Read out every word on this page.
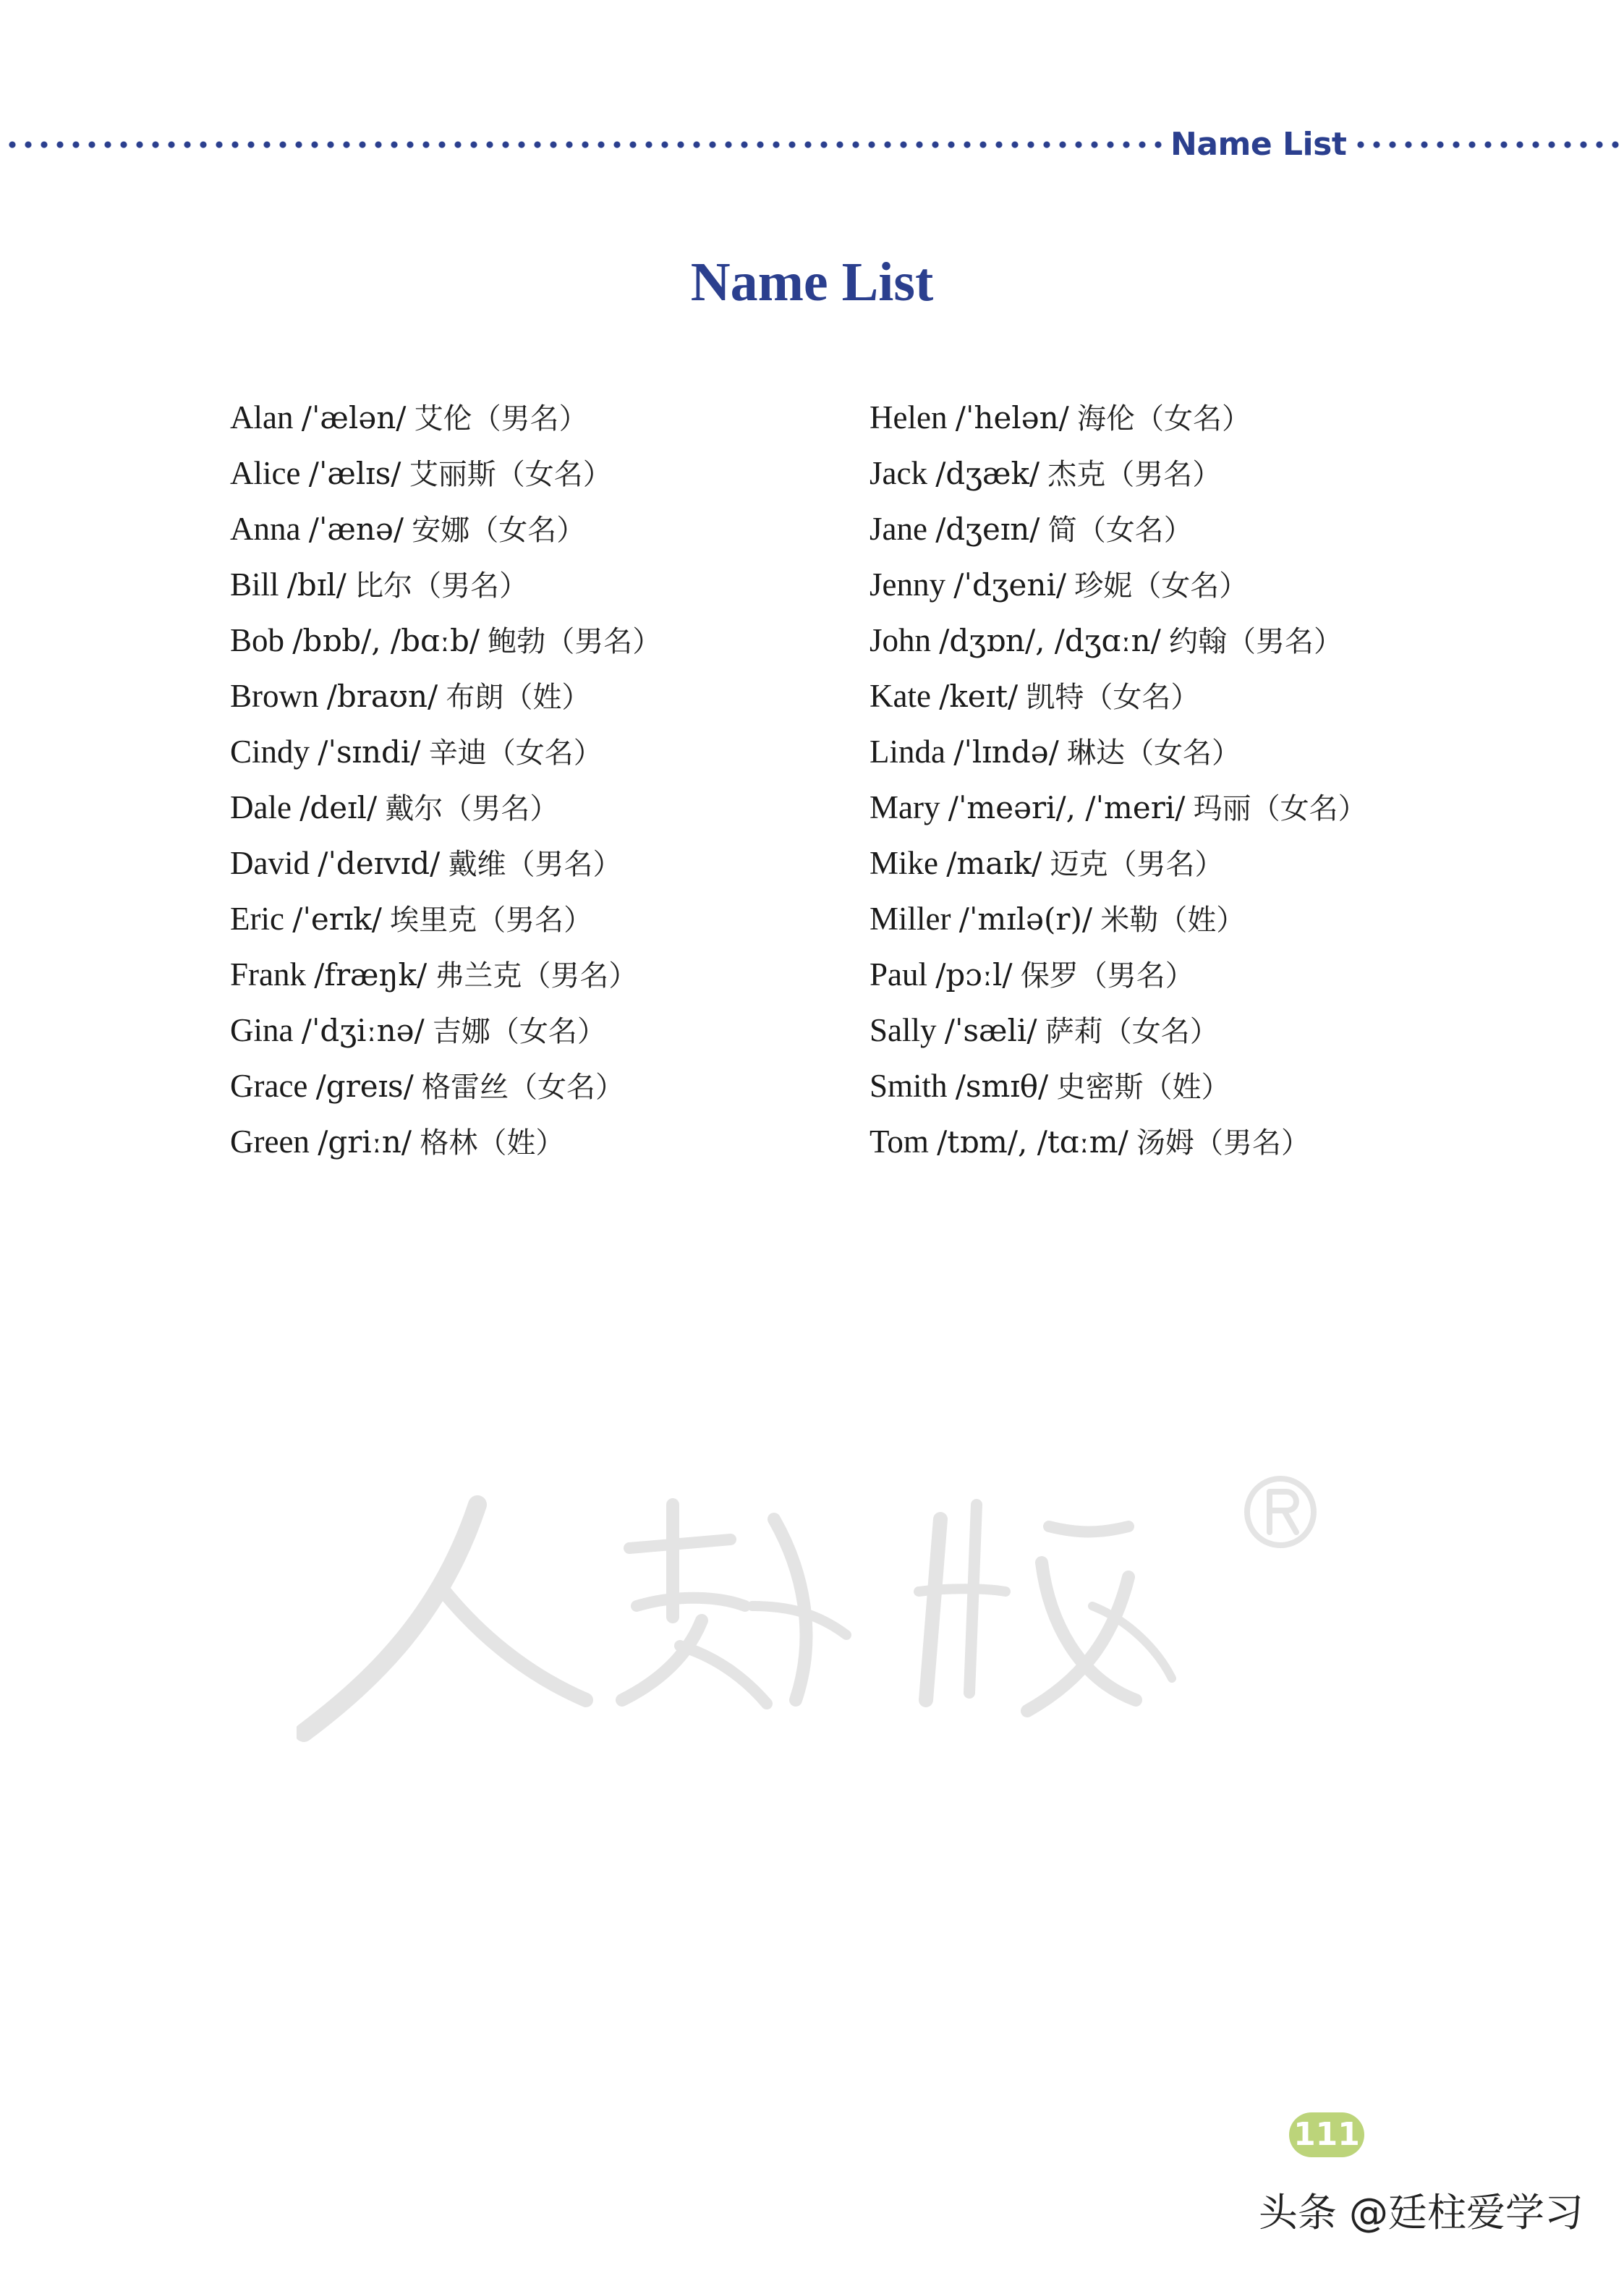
Name List
Name List
Alan /ˈælən/ 艾伦（男名）
Alice /ˈælɪs/ 艾丽斯（女名）
Anna /ˈænə/ 安娜（女名）
Bill /bɪl/ 比尔（男名）
Bob /bɒb/, /bɑːb/ 鲍勃（男名）
Brown /braʊn/ 布朗（姓）
Cindy /ˈsɪndi/ 辛迪（女名）
Dale /deɪl/ 戴尔（男名）
David /ˈdeɪvɪd/ 戴维（男名）
Eric /ˈerɪk/ 埃里克（男名）
Frank /fræŋk/ 弗兰克（男名）
Gina /ˈdʒiːnə/ 吉娜（女名）
Grace /greɪs/ 格雷丝（女名）
Green /griːn/ 格林（姓）
Helen /ˈhelən/ 海伦（女名）
Jack /dʒæk/ 杰克（男名）
Jane /dʒeɪn/ 简（女名）
Jenny /ˈdʒeni/ 珍妮（女名）
John /dʒɒn/, /dʒɑːn/ 约翰（男名）
Kate /keɪt/ 凯特（女名）
Linda /ˈlɪndə/ 琳达（女名）
Mary /ˈmeəri/, /ˈmeri/ 玛丽（女名）
Mike /maɪk/ 迈克（男名）
Miller /ˈmɪlə(r)/ 米勒（姓）
Paul /pɔːl/ 保罗（男名）
Sally /ˈsæli/ 萨莉（女名）
Smith /smɪθ/ 史密斯（姓）
Tom /tɒm/, /tɑːm/ 汤姆（男名）
111
头条 @廷柱爱学习
